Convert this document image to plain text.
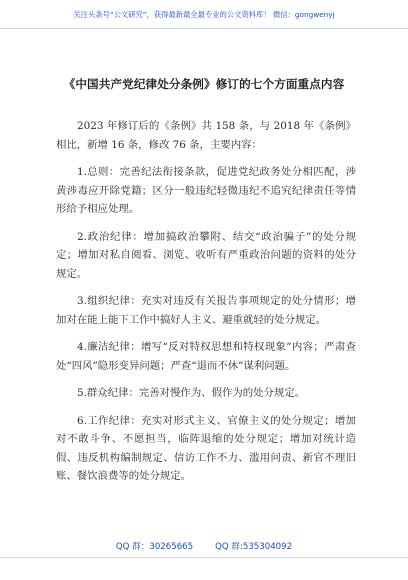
关注头条号“公文研究”，获得最新最全最专业的公文资料库！ 微信：gongwenyj
《中国共产党纪律处分条例》修订的七个方面重点内容

2023 年修订后的《条例》共 158 条，与 2018 年《条例》相比，新增 16 条，修改 76 条，主要内容：

1.总则：完善纪法衔接条款，促进党纪政务处分相匹配，涉黄涉毒应开除党籍；区分一般违纪轻微违纪不追究纪律责任等情形给予相应处理。

2.政治纪律：增加搞政治攀附、结交“政治骗子”的处分规定；增加对私自阅看、浏览、收听有严重政治问题的资料的处分规定。

3.组织纪律：充实对违反有关报告事项规定的处分情形；增加对在能上能下工作中搞好人主义、避重就轻的处分规定。

4.廉洁纪律：增写“反对特权思想和特权现象”内容；严肃查处“四风”隐形变异问题；严查“退而不休”谋利问题。

5.群众纪律：完善对慢作为、假作为的处分规定。

6.工作纪律：充实对形式主义、官僚主义的处分规定；增加对不敢斗争、不愿担当，临阵退缩的处分规定；增加对统计造假、违反机构编制规定、信访工作不力、滥用问责、新官不理旧账、餐饮浪费等的处分规定。

QQ 群：30265665	QQ 群:535304092
